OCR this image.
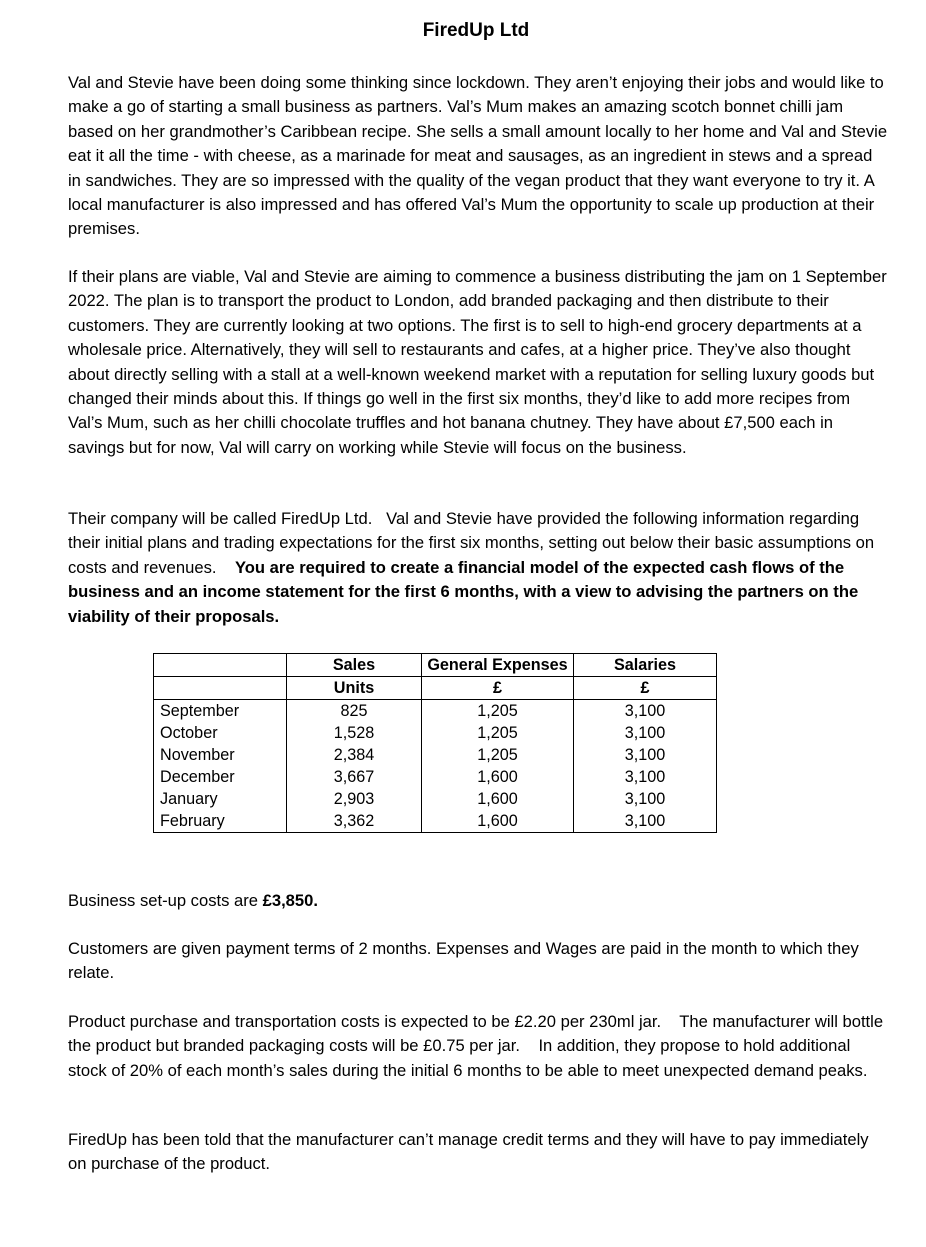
FiredUp Ltd

Val and Stevie have been doing some thinking since lockdown. They aren’t enjoying their jobs and would like to make a go of starting a small business as partners. Val’s Mum makes an amazing scotch bonnet chilli jam based on her grandmother’s Caribbean recipe. She sells a small amount locally to her home and Val and Stevie eat it all the time - with cheese, as a marinade for meat and sausages, as an ingredient in stews and a spread in sandwiches. They are so impressed with the quality of the vegan product that they want everyone to try it. A local manufacturer is also impressed and has offered Val’s Mum the opportunity to scale up production at their premises.

If their plans are viable, Val and Stevie are aiming to commence a business distributing the jam on 1 September 2022. The plan is to transport the product to London, add branded packaging and then distribute to their customers. They are currently looking at two options. The first is to sell to high-end grocery departments at a wholesale price. Alternatively, they will sell to restaurants and cafes, at a higher price. They’ve also thought about directly selling with a stall at a well-known weekend market with a reputation for selling luxury goods but changed their minds about this. If things go well in the first six months, they’d like to add more recipes from Val’s Mum, such as her chilli chocolate truffles and hot banana chutney. They have about £7,500 each in savings but for now, Val will carry on working while Stevie will focus on the business.

Their company will be called FiredUp Ltd.   Val and Stevie have provided the following information regarding their initial plans and trading expectations for the first six months, setting out below their basic assumptions on costs and revenues.    You are required to create a financial model of the expected cash flows of the business and an income statement for the first 6 months, with a view to advising the partners on the viability of their proposals.

	Sales	General Expenses	Salaries
	Units	£	£
September	825	1,205	3,100
October	1,528	1,205	3,100
November	2,384	1,205	3,100
December	3,667	1,600	3,100
January	2,903	1,600	3,100
February	3,362	1,600	3,100

Business set-up costs are £3,850.

Customers are given payment terms of 2 months. Expenses and Wages are paid in the month to which they relate.

Product purchase and transportation costs is expected to be £2.20 per 230ml jar.    The manufacturer will bottle the product but branded packaging costs will be £0.75 per jar.    In addition, they propose to hold additional stock of 20% of each month’s sales during the initial 6 months to be able to meet unexpected demand peaks.

FiredUp has been told that the manufacturer can’t manage credit terms and they will have to pay immediately on purchase of the product.
